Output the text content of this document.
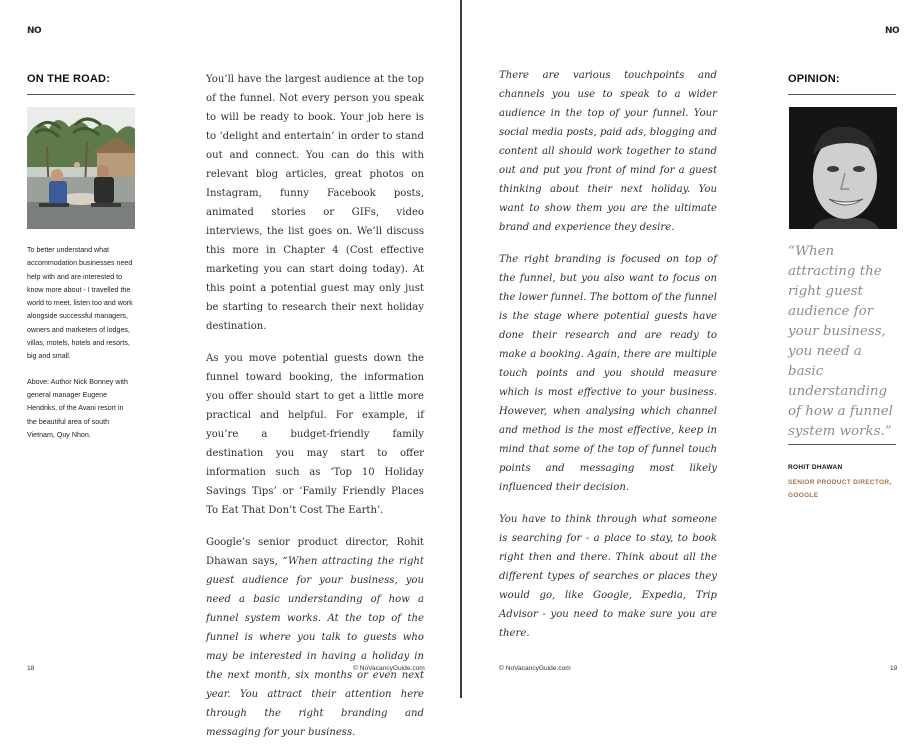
NO
ON THE ROAD:

To better understand what accommodation businesses need help with and are interested to know more about - I travelled the world to meet, listen too and work alongside successful managers, owners and marketers of lodges, villas, motels, hotels and resorts, big and small.

Above: Author Nick Bonney with general manager Eugene Hendriks, of the Avani resort in the beautiful area of south Vietnam, Quy Nhon.

You’ll have the largest audience at the top of the funnel. Not every person you speak to will be ready to book. Your job here is to ‘delight and entertain’ in order to stand out and connect. You can do this with relevant blog articles, great photos on Instagram, funny Facebook posts, animated stories or GIFs, video interviews, the list goes on. We’ll discuss this more in Chapter 4 (Cost effective marketing you can start doing today). At this point a potential guest may only just be starting to research their next holiday destination.

As you move potential guests down the funnel toward booking, the information you offer should start to get a little more practical and helpful. For example, if you’re a budget-friendly family destination you may start to offer information such as ‘Top 10 Holiday Savings Tips’ or ‘Family Friendly Places To Eat That Don’t Cost The Earth’.

Google’s senior product director, Rohit Dhawan says, “When attracting the right guest audience for your business, you need a basic understanding of how a funnel system works. At the top of the funnel is where you talk to guests who may be interested in having a holiday in the next month, six months or even next year. You attract their attention here through the right branding and messaging for your business.

18	© NoVacancyGuide.com
NO

There are various touchpoints and channels you use to speak to a wider audience in the top of your funnel. Your social media posts, paid ads, blogging and content all should work together to stand out and put you front of mind for a guest thinking about their next holiday. You want to show them you are the ultimate brand and experience they desire.

The right branding is focused on top of the funnel, but you also want to focus on the lower funnel. The bottom of the funnel is the stage where potential guests have done their research and are ready to make a booking. Again, there are multiple touch points and you should measure which is most effective to your business. However, when analysing which channel and method is the most effective, keep in mind that some of the top of funnel touch points and messaging most likely influenced their decision.

You have to think through what someone is searching for - a place to stay, to book right then and there. Think about all the different types of searches or places they would go, like Google, Expedia, Trip Advisor - you need to make sure you are there.

OPINION:
“When attracting the right guest audience for your business, you need a basic understanding of how a funnel system works.”
ROHIT DHAWAN
SENIOR PRODUCT DIRECTOR,
GOOGLE
© NoVacancyGuide.com	19
